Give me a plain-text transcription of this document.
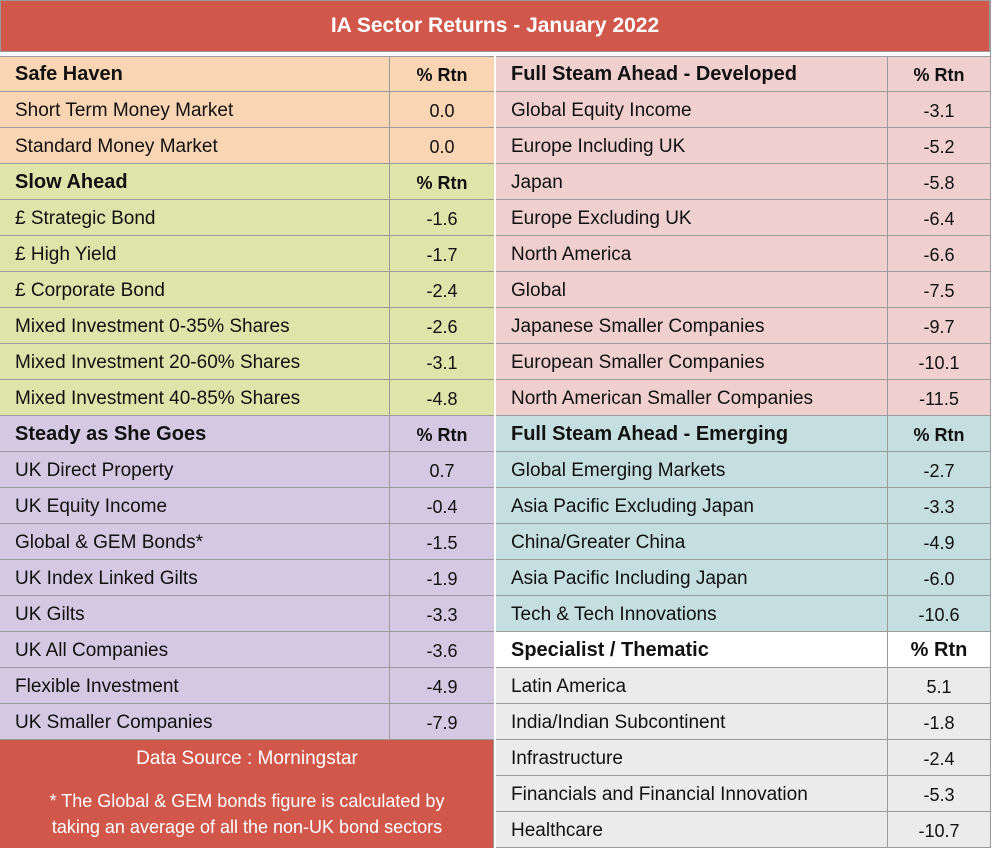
IA Sector Returns - January 2022
Safe Haven	% Rtn
Short Term Money Market	0.0
Standard Money Market	0.0
Slow Ahead	% Rtn
£ Strategic Bond	-1.6
£ High Yield	-1.7
£ Corporate Bond	-2.4
Mixed Investment 0-35% Shares	-2.6
Mixed Investment 20-60% Shares	-3.1
Mixed Investment 40-85% Shares	-4.8
Steady as She Goes	% Rtn
UK Direct Property	0.7
UK Equity Income	-0.4
Global & GEM Bonds*	-1.5
UK Index Linked Gilts	-1.9
UK Gilts	-3.3
UK All Companies	-3.6
Flexible Investment	-4.9
UK Smaller Companies	-7.9
Full Steam Ahead - Developed	% Rtn
Global Equity Income	-3.1
Europe Including UK	-5.2
Japan	-5.8
Europe Excluding UK	-6.4
North America	-6.6
Global	-7.5
Japanese Smaller Companies	-9.7
European Smaller Companies	-10.1
North American Smaller Companies	-11.5
Full Steam Ahead - Emerging	% Rtn
Global Emerging Markets	-2.7
Asia Pacific Excluding Japan	-3.3
China/Greater China	-4.9
Asia Pacific Including Japan	-6.0
Tech & Tech Innovations	-10.6
Specialist / Thematic	% Rtn
Latin America	5.1
India/Indian Subcontinent	-1.8
Infrastructure	-2.4
Financials and Financial Innovation	-5.3
Healthcare	-10.7
Data Source : Morningstar
* The Global & GEM bonds figure is calculated by
taking an average of all the non-UK bond sectors
